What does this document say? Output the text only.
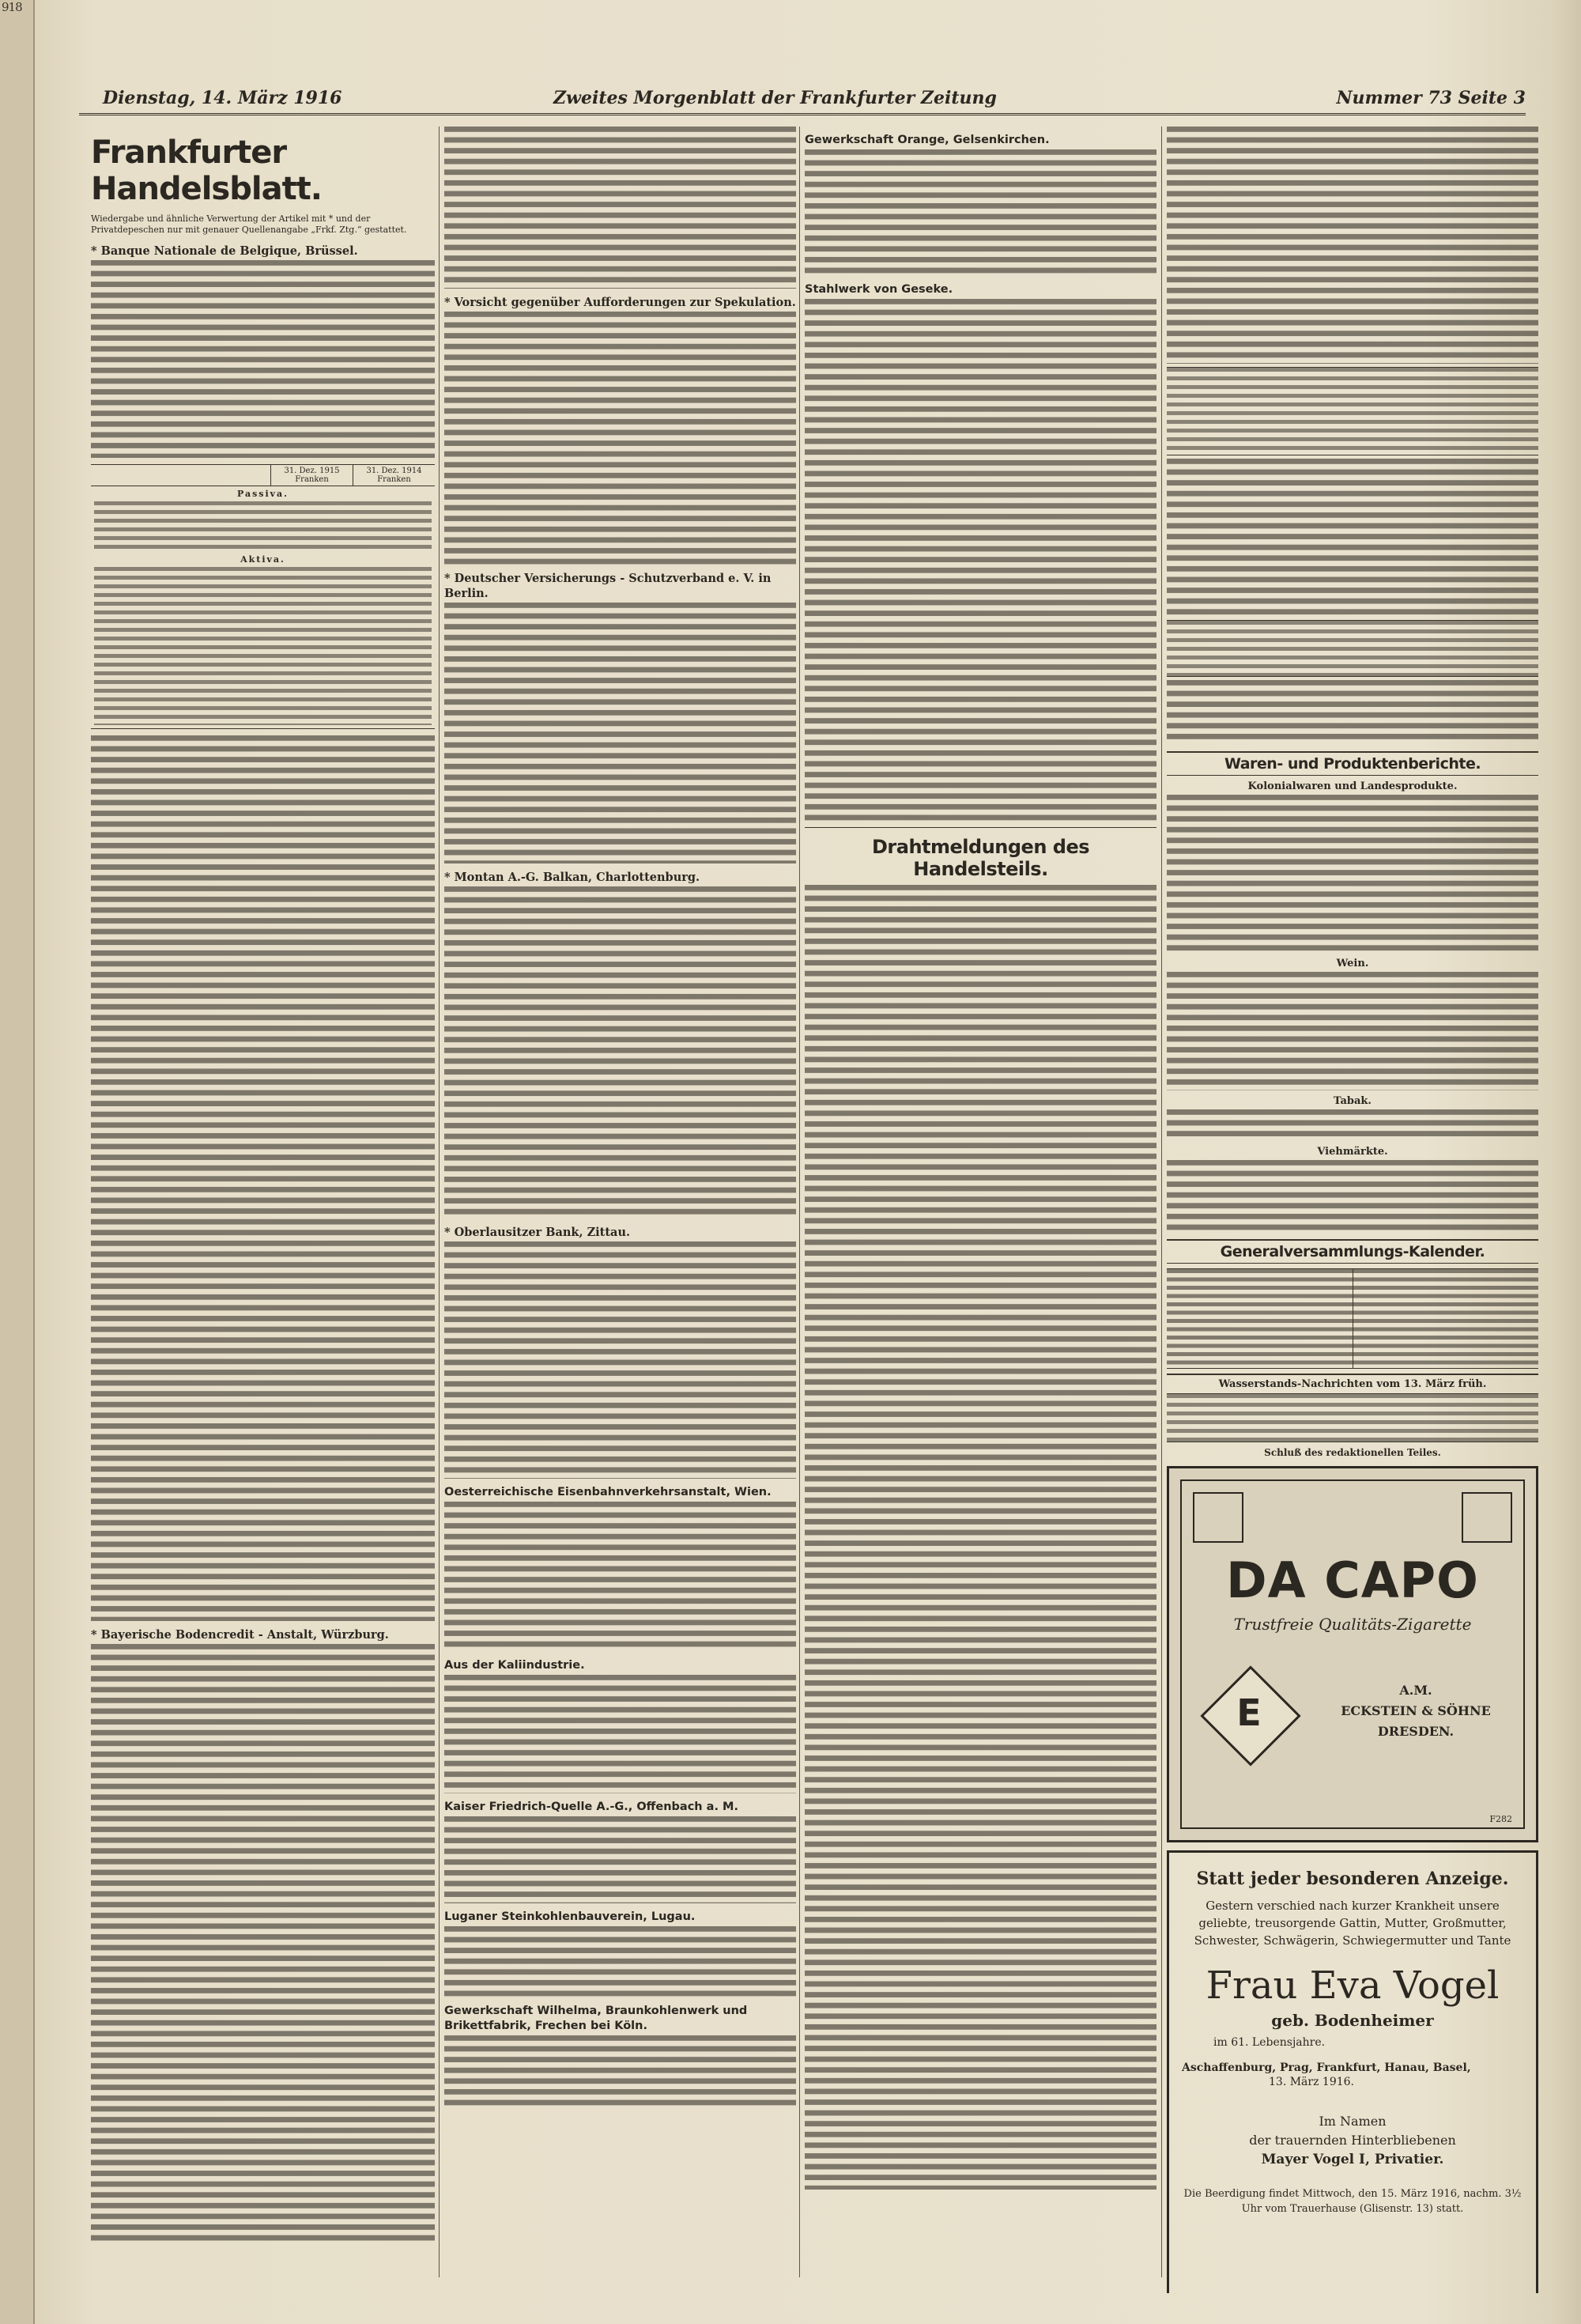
918
Dienstag, 14. März 1916	Zweites Morgenblatt der Frankfurter Zeitung	Nummer 73 Seite 3
Frankfurter Handelsblatt.
Wiedergabe und ähnliche Verwertung der Artikel mit * und der Privatdepeschen nur mit genauer Quellenangabe „Frkf. Ztg.“ gestattet.
* Banque Nationale de Belgique, Brüssel.
31. Dez. 1915 Franken
31. Dez. 1914 Franken
Passiva.
Aktiva.
* Bayerische Bodencredit - Anstalt, Würzburg.
* Vorsicht gegenüber Aufforderungen zur Spekulation.
* Deutscher Versicherungs - Schutzverband e. V. in Berlin.
* Montan A.-G. Balkan, Charlottenburg.
* Oberlausitzer Bank, Zittau.
Oesterreichische Eisenbahnverkehrsanstalt, Wien.
Aus der Kaliindustrie.
Kaiser Friedrich-Quelle A.-G., Offenbach a. M.
Luganer Steinkohlenbauverein, Lugau.
Gewerkschaft Wilhelma, Braunkohlenwerk und Brikettfabrik, Frechen bei Köln.
Gewerkschaft Orange, Gelsenkirchen.
Stahlwerk von Geseke.
Drahtmeldungen des Handelsteils.
Waren- und Produktenberichte.
Kolonialwaren und Landesprodukte.
Wein.
Tabak.
Viehmärkte.
Generalversammlungs-Kalender.
Wasserstands-Nachrichten vom 13. März früh.
Schluß des redaktionellen Teiles.
DA CAPO
Trustfreie Qualitäts-Zigarette
E
A.M.
ECKSTEIN & SÖHNE
DRESDEN.
F282
Statt jeder besonderen Anzeige.
Gestern verschied nach kurzer Krankheit unsere geliebte, treusorgende Gattin, Mutter, Großmutter, Schwester, Schwägerin, Schwiegermutter und Tante
Frau Eva Vogel
geb. Bodenheimer
im 61. Lebensjahre.
Aschaffenburg, Prag, Frankfurt, Hanau, Basel,
13. März 1916.
Im Namen
der trauernden Hinterbliebenen
Mayer Vogel I, Privatier.
Die Beerdigung findet Mittwoch, den 15. März 1916, nachm. 3½ Uhr vom Trauerhause (Glisenstr. 13) statt.
